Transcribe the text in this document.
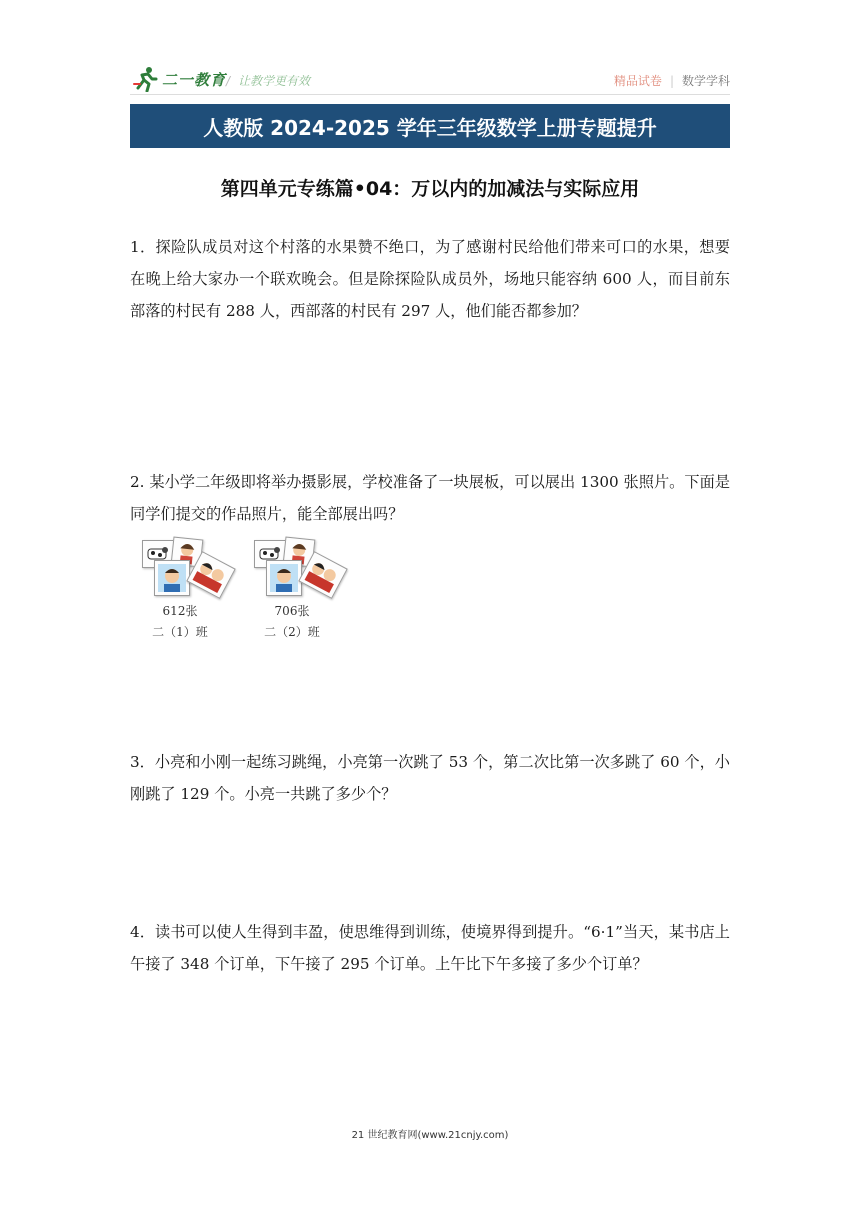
二一教育 / 让教学更有效	精品试卷 | 数学学科
人教版 2024-2025 学年三年级数学上册专题提升
第四单元专练篇•04：万以内的加减法与实际应用
1．探险队成员对这个村落的水果赞不绝口，为了感谢村民给他们带来可口的水果，想要在晚上给大家办一个联欢晚会。但是除探险队成员外，场地只能容纳 600 人，而目前东部落的村民有 288 人，西部落的村民有 297 人，他们能否都参加？
2. 某小学二年级即将举办摄影展，学校准备了一块展板，可以展出 1300 张照片。下面是同学们提交的作品照片，能全部展出吗？
612张
二（1）班
706张
二（2）班
3．小亮和小刚一起练习跳绳，小亮第一次跳了 53 个，第二次比第一次多跳了 60 个，小刚跳了 129 个。小亮一共跳了多少个？
4．读书可以使人生得到丰盈，使思维得到训练，使境界得到提升。“6·1”当天，某书店上午接了 348 个订单，下午接了 295 个订单。上午比下午多接了多少个订单？
21 世纪教育网(www.21cnjy.com)
